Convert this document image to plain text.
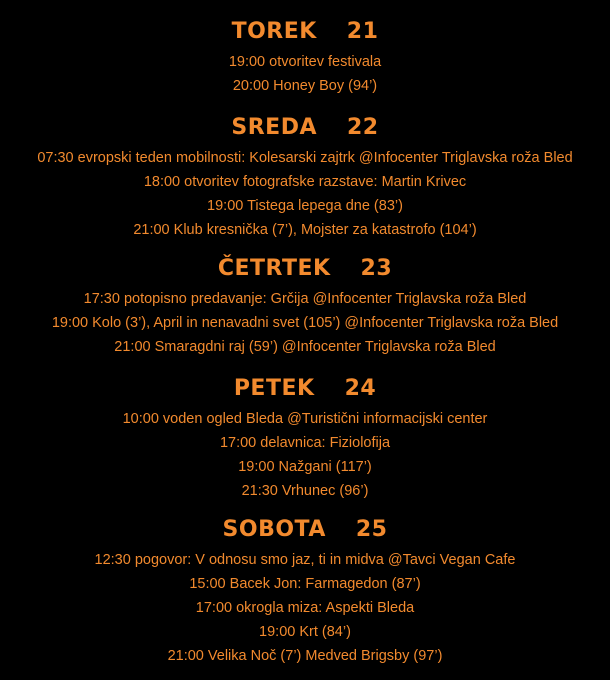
TOREK 21
19:00 otvoritev festivala
20:00 Honey Boy (94’)
SREDA 22
07:30 evropski teden mobilnosti: Kolesarski zajtrk @Infocenter Triglavska roža Bled
18:00 otvoritev fotografske razstave: Martin Krivec
19:00 Tistega lepega dne (83’)
21:00 Klub kresnička (7’), Mojster za katastrofo (104’)
ČETRTEK 23
17:30 potopisno predavanje: Grčija @Infocenter Triglavska roža Bled
19:00 Kolo (3’), April in nenavadni svet (105’) @Infocenter Triglavska roža Bled
21:00 Smaragdni raj (59’) @Infocenter Triglavska roža Bled
PETEK 24
10:00 voden ogled Bleda @Turistični informacijski center
17:00 delavnica: Fiziolofija
19:00 Nažgani (117’)
21:30 Vrhunec (96’)
SOBOTA 25
12:30 pogovor: V odnosu smo jaz, ti in midva @Tavci Vegan Cafe
15:00 Bacek Jon: Farmagedon (87’)
17:00 okrogla miza: Aspekti Bleda
19:00 Krt (84’)
21:00 Velika Noč (7’) Medved Brigsby (97’)
